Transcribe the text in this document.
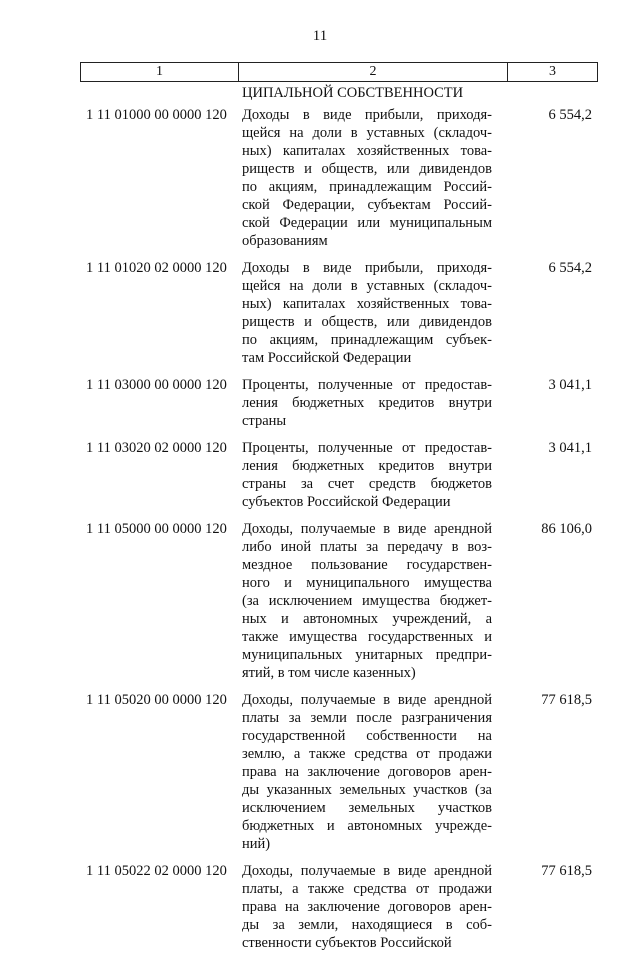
11
1	2	3
ЦИПАЛЬНОЙ СОБСТВЕННОСТИ
1 11 01000 00 0000 120	Доходы в виде прибыли, приходя-
щейся на доли в уставных (складоч-
ных) капиталах хозяйственных това-
риществ и обществ, или дивидендов
по акциям, принадлежащим Россий-
ской Федерации, субъектам Россий-
ской Федерации или муниципальным
образованиям
6 554,2
1 11 01020 02 0000 120	Доходы в виде прибыли, приходя-
щейся на доли в уставных (складоч-
ных) капиталах хозяйственных това-
риществ и обществ, или дивидендов
по акциям, принадлежащим субъек-
там Российской Федерации
6 554,2
1 11 03000 00 0000 120	Проценты, полученные от предостав-
ления бюджетных кредитов внутри
страны
3 041,1
1 11 03020 02 0000 120	Проценты, полученные от предостав-
ления бюджетных кредитов внутри
страны за счет средств бюджетов
субъектов Российской Федерации
3 041,1
1 11 05000 00 0000 120	Доходы, получаемые в виде арендной
либо иной платы за передачу в воз-
мездное пользование государствен-
ного и муниципального имущества
(за исключением имущества бюджет-
ных и автономных учреждений, а
также имущества государственных и
муниципальных унитарных предпри-
ятий, в том числе казенных)
86 106,0
1 11 05020 00 0000 120	Доходы, получаемые в виде арендной
платы за земли после разграничения
государственной собственности на
землю, а также средства от продажи
права на заключение договоров арен-
ды указанных земельных участков (за
исключением земельных участков
бюджетных и автономных учрежде-
ний)
77 618,5
1 11 05022 02 0000 120	Доходы, получаемые в виде арендной
платы, а также средства от продажи
права на заключение договоров арен-
ды за земли, находящиеся в соб-
ственности субъектов Российской
77 618,5
